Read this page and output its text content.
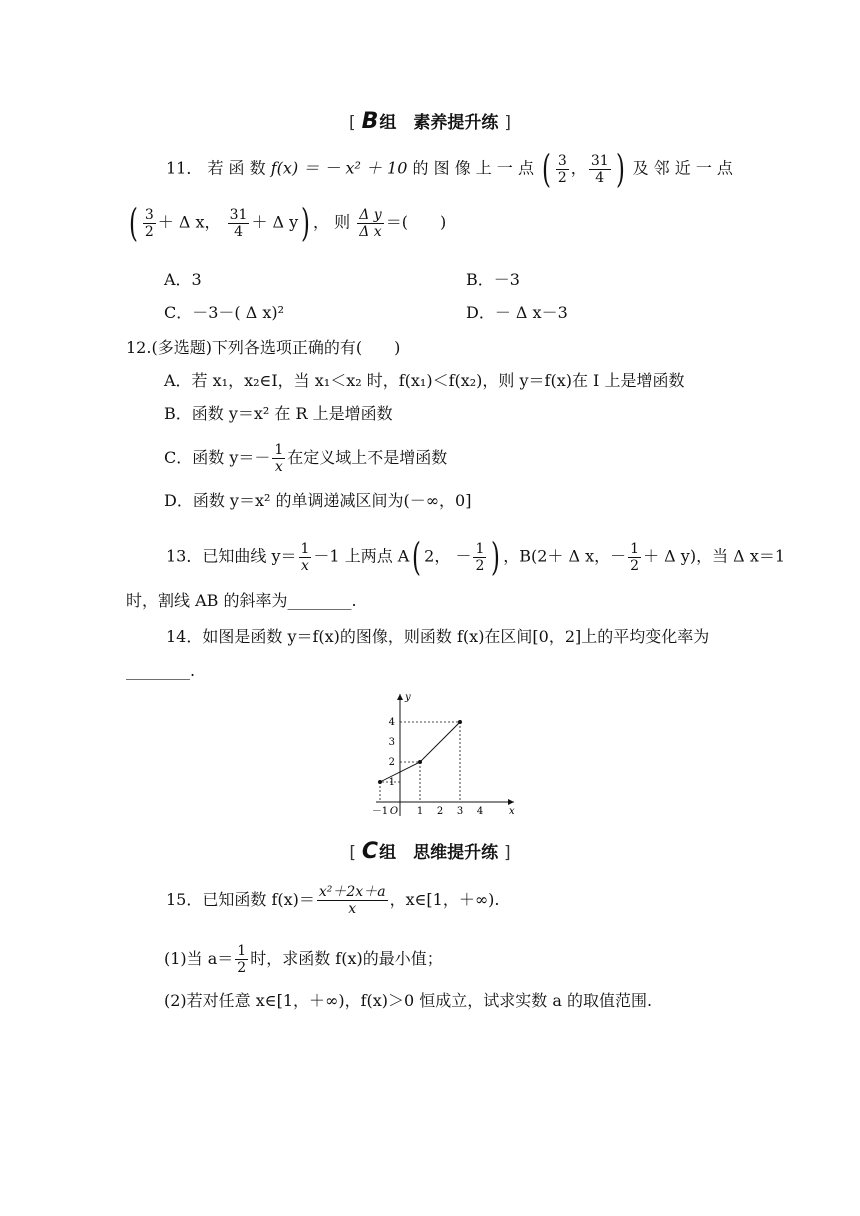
[ B组　素养提升练 ]
11． 若 函 数 f(x) ＝ － x² ＋ 10 的 图 像 上 一 点 ( $\frac{3}{2}$ ， $\frac{31}{4}$ ) 及 邻 近 一 点
( $\frac{3}{2} + \Delta$ x， $\frac{31}{4} + \Delta$ y) ， 则 $\frac{\text{Δ y}}{\text{Δ x}}$ ＝(　　)
A．3	B．－3
C．－3－( Δ x)²	D．－ Δ x－3
12.(多选题)下列各选项正确的有(　　)
A．若 x₁，x₂∈I，当 x₁＜x₂ 时，f(x₁)＜f(x₂)，则 y＝f(x)在 I 上是增函数
B．函数 y＝x² 在 R 上是增函数
C．函数 $y=- \frac{1}{x}$ 在定义域上不是增函数
D．函数 y＝x² 的单调递减区间为(－∞，0]
13．已知曲线 $y= \frac{1}{x} -1$ 上两点 A( 2， － $\frac{1}{2}$ ) ，B(2＋ Δ x，－ $\frac{1}{2} + \Delta$ y)，当 Δ x＝1
时，割线 AB 的斜率为________.
14．如图是函数 y＝f(x)的图像，则函数 f(x)在区间[0，2]上的平均变化率为
________.
x
y
－1 O 1 2 3 4
1
2
3
4
[ C组　思维提升练 ]
15．已知函数 $f(x)= \frac{\text{x²＋2x＋a}}{x}$ ，x∈[1，＋∞).
(1)当 $a= \frac{1}{2}$ 时，求函数 f(x)的最小值；
(2)若对任意 x∈[1，＋∞)，f(x)＞0 恒成立，试求实数 a 的取值范围.
